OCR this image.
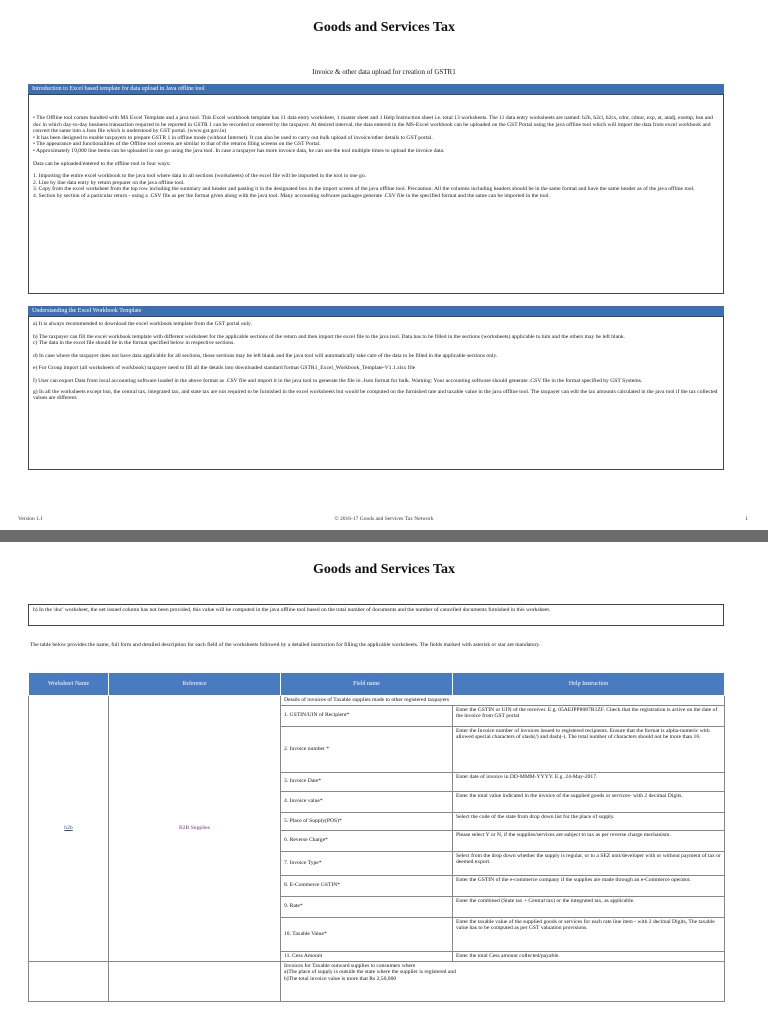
Goods and Services Tax
Invoice & other data upload for creation of GSTR1
Introduction to Excel based template for data upload in Java offline tool

• The Offline tool comes bundled with MS Excel Template and a java tool. This Excel workbook template has 11 data entry worksheet, 1 master sheet and 1 Help Instruction sheet i.e. total 13 worksheets. The 11 data entry worksheets are named: b2b, b2cl, b2cs, cdnr, cdnur, exp, at, atadj, exemp, hsn and doc in which day-to-day business transaction required to be reported in GSTR 1 can be recorded or entered by the taxpayer. At desired interval, the data entered in the MS-Excel workbook can be uploaded on the GST Portal using the java offline tool which will import the data from excel workbook and convert the same into a Json file which is understood by GST portal. (www.gst.gov.in)

• It has been designed to enable taxpayers to prepare GSTR 1 in offline mode (without Internet). It can also be used to carry out bulk upload of invoice/other details to GST portal.

• The appearance and functionalities of the Offline tool screens are similar to that of the returns filing screens on the GST Portal.

• Approximately 19,000 line items can be uploaded in one go using the java tool. In case a taxpayer has more invoice data, he can use the tool multiple times to upload the invoice data.

Data can be uploaded/entered to the offline tool in four ways:

1. Importing the entire excel workbook to the java tool where data in all sections (worksheets) of the excel file will be imported in the tool in one go.

2. Line by line data entry by return preparer on the java offline tool.

3. Copy from the excel worksheet from the top row including the summary and header and pasting it in the designated box in the import screen of the java offline tool. Precaution: All the columns including headers should be in the same format and have the same header as of the java offline tool.

4. Section by section of a particular return - using a .CSV file as per the format given along with the java tool. Many accounting software packages generate .CSV file in the specified format and the same can be imported in the tool.

Understanding the Excel Workbook Template

a) It is always recommended to download the excel workbook template from the GST portal only.

b) The taxpayer can fill the excel workbook template with different worksheet for the applicable sections of the return and then import the excel file to the java tool. Data has to be filled in the sections (worksheets) applicable to him and the others may be left blank.

c) The data in the excel file should be in the format specified below in respective sections.

d) In case where the taxpayer does not have data applicable for all sections, those sections may be left blank and the java tool will automatically take care of the data to be filled in the applicable sections only.

e) For Group import (all worksheets of workbook) taxpayer need to fill all the details into downloaded standard format GSTR1_Excel_Workbook_Template-V1.1.xlsx file

f) User can export Data from local accounting software loaded in the above format as .CSV file and import it in the java tool to generate the file in .Json format for bulk. Warning: Your accounting software should generate .CSV file in the format specified by GST Systems.

g) In all the worksheets except hsn, the central tax, integrated tax, and state tax are not required to be furnished in the excel worksheets but would be computed on the furnished rate and taxable value in the java offline tool. The taxpayer can edit the tax amounts calculated in the java tool if the tax collected values are different.

Version 1.1	© 2016-17 Goods and Services Tax Network	1
Goods and Services Tax
h) In the 'doc' worksheet, the net issued column has not been provided, this value will be computed in the java offline tool based on the total number of documents and the number of cancelled documents furnished in this worksheet.
The table below provides the name, full form and detailed description for each field of the worksheets followed by a detailed instruction for filling the applicable worksheets. The fields marked with asterisk or star are mandatory.
Worksheet Name	Reference	Field name	Help Instruction
b2b	B2B Supplies	Details of invoices of Taxable supplies made to other registered taxpayers	
		1. GSTIN/UIN of Recipient*	Enter the GSTIN or UIN of the receiver. E.g. 05AEJPP8087R1ZF. Check that the registration is active on the date of the invoice from GST portal
		2. Invoice number *	Enter the Invoice number of invoices issued to registered recipients. Ensure that the format is alpha-numeric with allowed special characters of slash(/) and dash(-). The total number of characters should not be more than 16.
		3. Invoice Date*	Enter date of invoice in DD-MMM-YYYY. E.g. 24-May-2017.
		4. Invoice value*	Enter the total value indicated in the invoice of the supplied goods or services- with 2 decimal Digits.
		5. Place of Supply(POS)*	Select the code of the state from drop down list for the place of supply.
		6. Reverse Charge*	Please select Y or N, if the supplies/services are subject to tax as per reverse charge mechanism.
		7. Invoice Type*	Select from the drop down whether the supply is regular, or to a SEZ unit/developer with or without payment of tax or deemed export.
		8. E-Commerce GSTIN*	Enter the GSTIN of the e-commerce company if the supplies are made through an e-Commerce operator.
		9. Rate*	Enter the combined (State tax + Central tax) or the integrated tax, as applicable.
		10. Taxable Value*	Enter the taxable value of the supplied goods or services for each rate line item - with 2 decimal Digits, The taxable value has to be computed as per GST valuation provisions.
		11. Cess Amount	Enter the total Cess amount collected/payable.

		Invoices for Taxable outward supplies to consumers where
a)The place of supply is outside the state where the supplier is registered and
b)The total invoice value is more that Rs 2,50,000	
